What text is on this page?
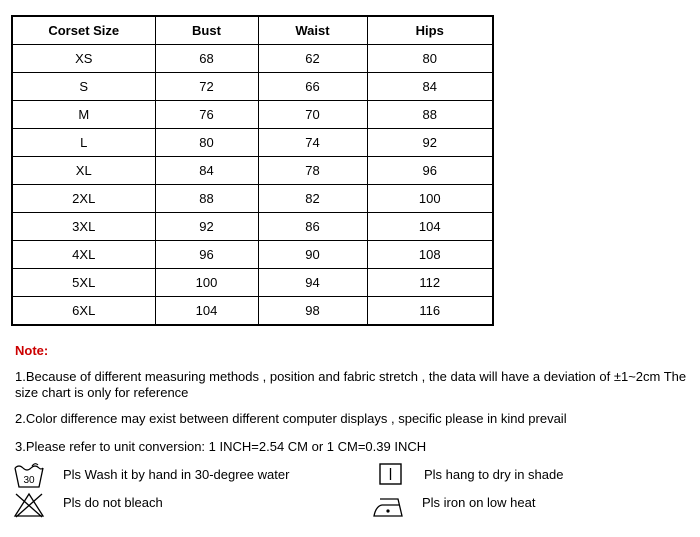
Corset Size	Bust	Waist	Hips
XS	68	62	80
S	72	66	84
M	76	70	88
L	80	74	92
XL	84	78	96
2XL	88	82	100
3XL	92	86	104
4XL	96	90	108
5XL	100	94	112
6XL	104	98	116
Note:
1.Because of different measuring methods , position and fabric stretch , the data will have a deviation of ±1~2cm The size chart is only for reference
2.Color difference may exist between different computer displays , specific please in kind prevail
3.Please refer to unit conversion: 1 INCH=2.54 CM or 1 CM=0.39 INCH
30 Pls Wash it by hand in 30-degree water	Pls hang to dry in shade
Pls do not bleach	Pls iron on low heat
